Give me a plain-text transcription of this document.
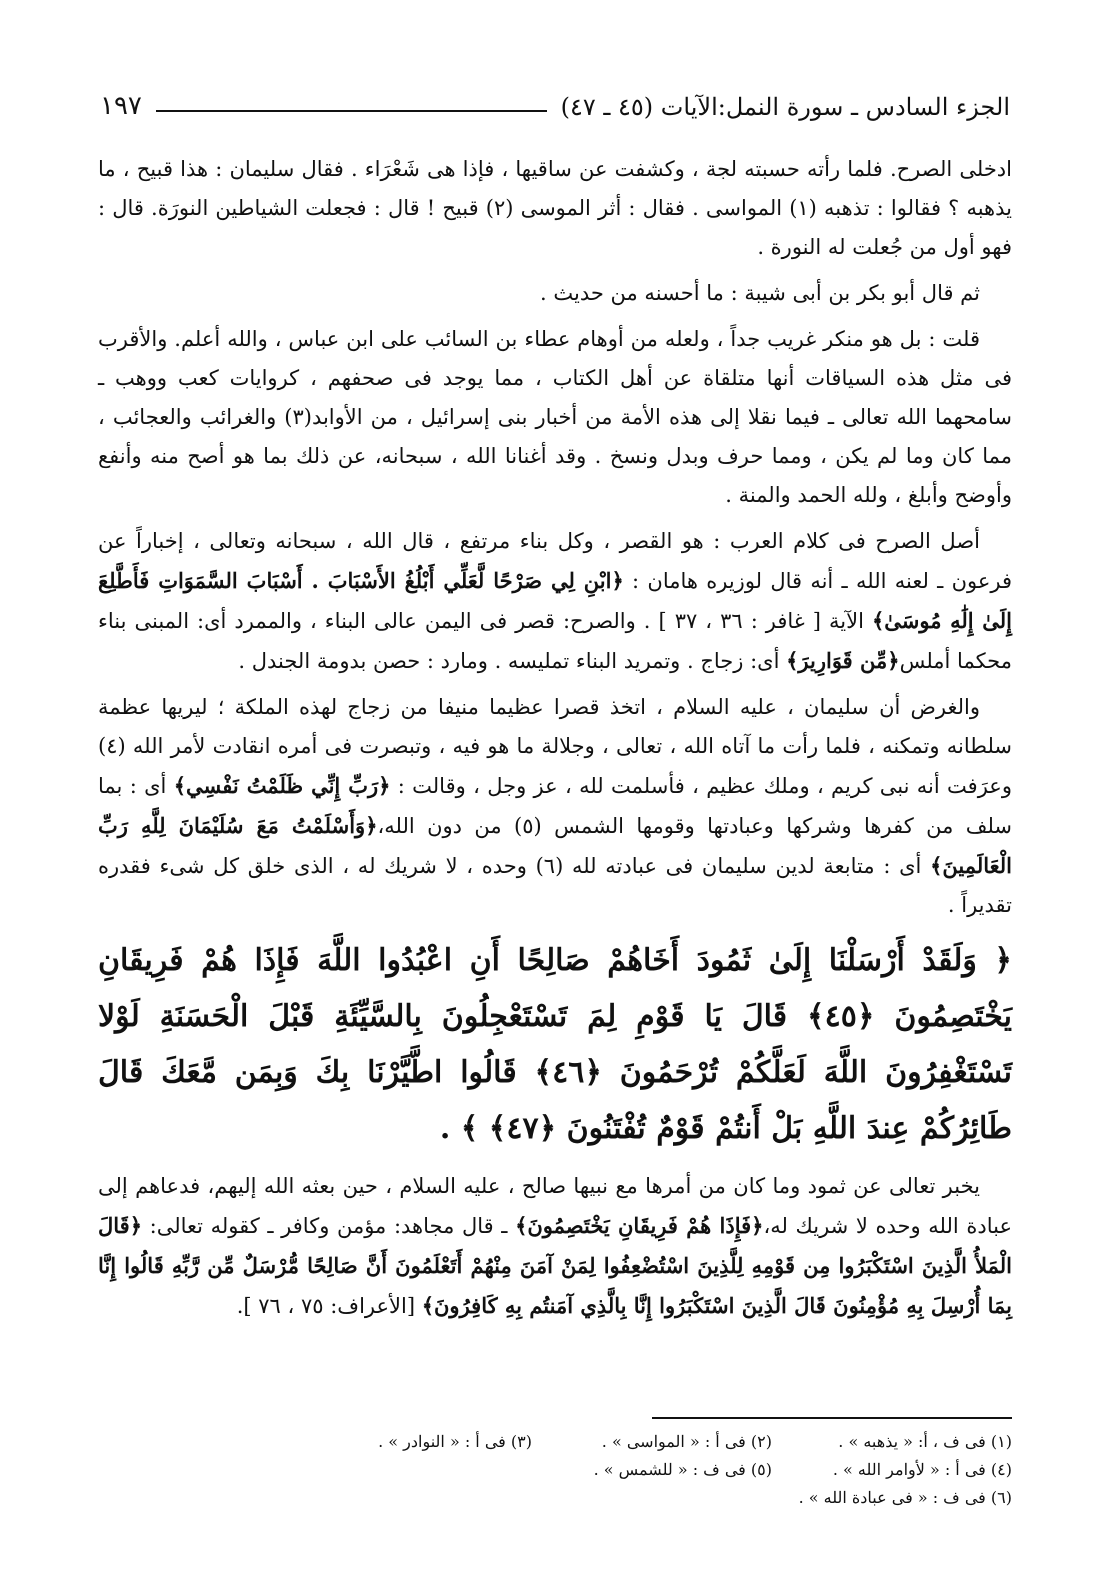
الجزء السادس ـ سورة النمل:الآيات (٤٥ ـ ٤٧)
١٩٧

ادخلى الصرح. فلما رأته حسبته لجة ، وكشفت عن ساقيها ، فإذا هى شَعْرَاء . فقال سليمان : هذا قبيح ، ما يذهبه ؟ فقالوا : تذهبه (١) المواسى . فقال : أثر الموسى (٢) قبيح ! قال : فجعلت الشياطين النورَة. قال : فهو أول من جُعلت له النورة .

ثم قال أبو بكر بن أبى شيبة : ما أحسنه من حديث .

قلت : بل هو منكر غريب جداً ، ولعله من أوهام عطاء بن السائب على ابن عباس ، والله أعلم. والأقرب فى مثل هذه السياقات أنها متلقاة عن أهل الكتاب ، مما يوجد فى صحفهم ، كروايات كعب ووهب ـ سامحهما الله تعالى ـ فيما نقلا إلى هذه الأمة من أخبار بنى إسرائيل ، من الأوابد(٣) والغرائب والعجائب ، مما كان وما لم يكن ، ومما حرف وبدل ونسخ . وقد أغنانا الله ، سبحانه، عن ذلك بما هو أصح منه وأنفع وأوضح وأبلغ ، ولله الحمد والمنة .

أصل الصرح فى كلام العرب : هو القصر ، وكل بناء مرتفع ، قال الله ، سبحانه وتعالى ، إخباراً عن فرعون ـ لعنه الله ـ أنه قال لوزيره هامان : ﴿ابْنِ لِي صَرْحًا لَّعَلِّي أَبْلُغُ الأَسْبَابَ . أَسْبَابَ السَّمَوَاتِ فَأَطَّلِعَ إِلَىٰ إِلَٰهِ مُوسَىٰ﴾ الآية [ غافر : ٣٦ ، ٣٧ ] . والصرح: قصر فى اليمن عالى البناء ، والممرد أى: المبنى بناء محكما أملس﴿مِّن قَوَارِيرَ﴾ أى: زجاج . وتمريد البناء تمليسه . ومارد : حصن بدومة الجندل .

والغرض أن سليمان ، عليه السلام ، اتخذ قصرا عظيما منيفا من زجاج لهذه الملكة ؛ ليريها عظمة سلطانه وتمكنه ، فلما رأت ما آتاه الله ، تعالى ، وجلالة ما هو فيه ، وتبصرت فى أمره انقادت لأمر الله (٤) وعرَفت أنه نبى كريم ، وملك عظيم ، فأسلمت لله ، عز وجل ، وقالت : ﴿رَبِّ إِنِّي ظَلَمْتُ نَفْسِي﴾ أى : بما سلف من كفرها وشركها وعبادتها وقومها الشمس (٥) من دون الله،﴿وَأَسْلَمْتُ مَعَ سُلَيْمَانَ لِلَّهِ رَبِّ الْعَالَمِينَ﴾ أى : متابعة لدين سليمان فى عبادته لله (٦) وحده ، لا شريك له ، الذى خلق كل شىء فقدره تقديراً .

﴿ وَلَقَدْ أَرْسَلْنَا إِلَىٰ ثَمُودَ أَخَاهُمْ صَالِحًا أَنِ اعْبُدُوا اللَّهَ فَإِذَا هُمْ فَرِيقَانِ يَخْتَصِمُونَ ﴿٤٥﴾ قَالَ يَا قَوْمِ لِمَ تَسْتَعْجِلُونَ بِالسَّيِّئَةِ قَبْلَ الْحَسَنَةِ لَوْلا تَسْتَغْفِرُونَ اللَّهَ لَعَلَّكُمْ تُرْحَمُونَ ﴿٤٦﴾ قَالُوا اطَّيَّرْنَا بِكَ وَبِمَن مَّعَكَ قَالَ طَائِرُكُمْ عِندَ اللَّهِ بَلْ أَنتُمْ قَوْمٌ تُفْتَنُونَ ﴿٤٧﴾ ﴾ .

يخبر تعالى عن ثمود وما كان من أمرها مع نبيها صالح ، عليه السلام ، حين بعثه الله إليهم، فدعاهم إلى عبادة الله وحده لا شريك له،﴿فَإِذَا هُمْ فَرِيقَانِ يَخْتَصِمُونَ﴾ ـ قال مجاهد: مؤمن وكافر ـ كقوله تعالى: ﴿قَالَ الْمَلأُ الَّذِينَ اسْتَكْبَرُوا مِن قَوْمِهِ لِلَّذِينَ اسْتُضْعِفُوا لِمَنْ آمَنَ مِنْهُمْ أَتَعْلَمُونَ أَنَّ صَالِحًا مُّرْسَلٌ مِّن رَّبِّهِ قَالُوا إِنَّا بِمَا أُرْسِلَ بِهِ مُؤْمِنُونَ قَالَ الَّذِينَ اسْتَكْبَرُوا إِنَّا بِالَّذِي آمَنتُم بِهِ كَافِرُونَ﴾ [الأعراف: ٧٥ ، ٧٦ ].

(١) فى ف ، أ: « يذهبه » .
(٢) فى أ : « المواسى » .
(٣) فى أ : « النوادر » .
(٤) فى أ : « لأوامر الله » .
(٥) فى ف : « للشمس » .
(٦) فى ف : « فى عبادة الله » .
